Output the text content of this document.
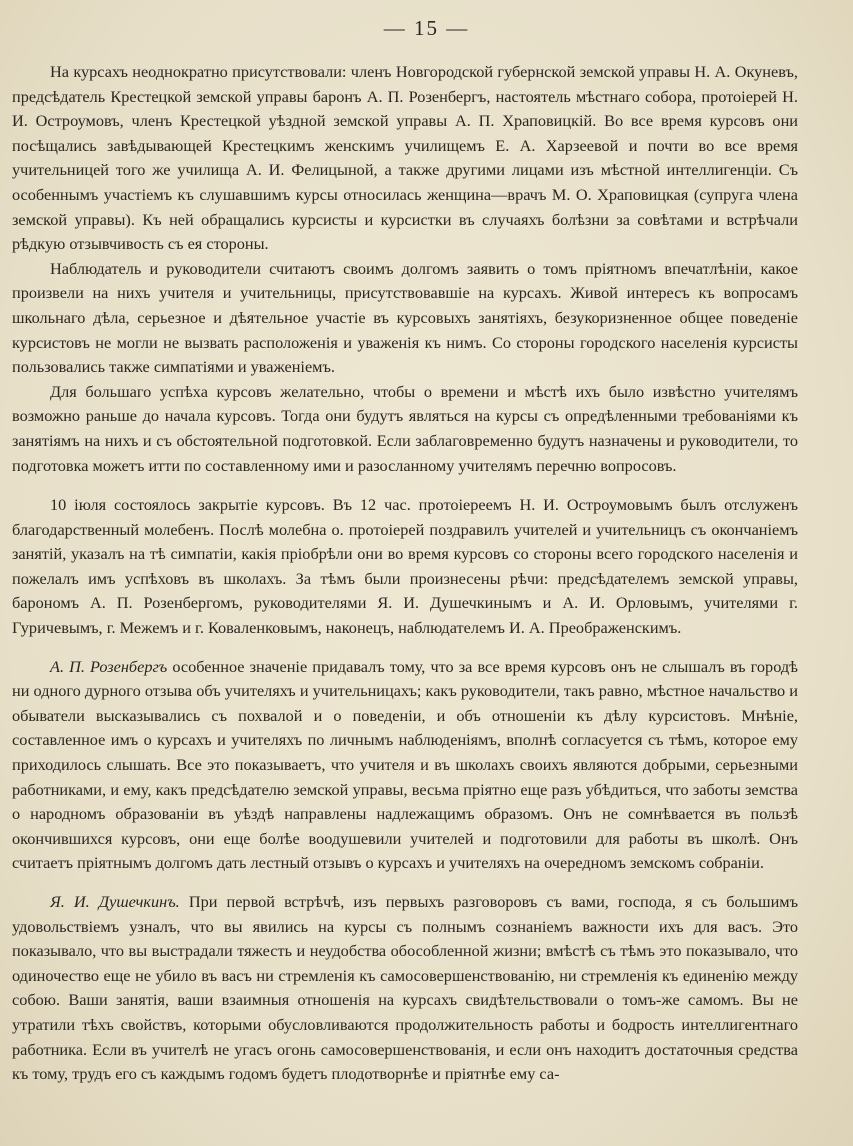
— 15 —

На курсахъ неоднократно присутствовали: членъ Новгородской губернской земской управы Н. А. Окуневъ, предсѣдатель Крестецкой земской управы баронъ А. П. Розенбергъ, настоятель мѣстнаго собора, протоіерей Н. И. Остроумовъ, членъ Крестецкой уѣздной земской управы А. П. Храповицкій. Во все время курсовъ они посѣщались завѣдывающей Крестецкимъ женскимъ училищемъ Е. А. Харзеевой и почти во все время учительницей того же училища А. И. Фелицыной, а также другими лицами изъ мѣстной интеллигенціи. Съ особеннымъ участіемъ къ слушавшимъ курсы относилась женщина—врачъ М. О. Храповицкая (супруга члена земской управы). Къ ней обращались курсисты и курсистки въ случаяхъ болѣзни за совѣтами и встрѣчали рѣдкую отзывчивость съ ея стороны.

Наблюдатель и руководители считаютъ своимъ долгомъ заявить о томъ пріятномъ впечатлѣніи, какое произвели на нихъ учителя и учительницы, присутствовавшіе на курсахъ. Живой интересъ къ вопросамъ школьнаго дѣла, серьезное и дѣятельное участіе въ курсовыхъ занятіяхъ, безукоризненное общее поведеніе курсистовъ не могли не вызвать расположенія и уваженія къ нимъ. Со стороны городского населенія курсисты пользовались также симпатіями и уваженіемъ.

Для большаго успѣха курсовъ желательно, чтобы о времени и мѣстѣ ихъ было извѣстно учителямъ возможно раньше до начала курсовъ. Тогда они будутъ являться на курсы съ опредѣленными требованіями къ занятіямъ на нихъ и съ обстоятельной подготовкой. Если заблаговременно будутъ назначены и руководители, то подготовка можетъ итти по составленному ими и разосланному учителямъ перечню вопросовъ.

10 іюля состоялось закрытіе курсовъ. Въ 12 час. протоіереемъ Н. И. Остроумовымъ былъ отслуженъ благодарственный молебенъ. Послѣ молебна о. протоіерей поздравилъ учителей и учительницъ съ окончаніемъ занятій, указалъ на тѣ симпатіи, какія пріобрѣли они во время курсовъ со стороны всего городского населенія и пожелалъ имъ успѣховъ въ школахъ. За тѣмъ были произнесены рѣчи: предсѣдателемъ земской управы, барономъ А. П. Розенбергомъ, руководителями Я. И. Душечкинымъ и А. И. Орловымъ, учителями г. Гуричевымъ, г. Межемъ и г. Коваленковымъ, наконецъ, наблюдателемъ И. А. Преображенскимъ.

А. П. Розенбергъ особенное значеніе придавалъ тому, что за все время курсовъ онъ не слышалъ въ городѣ ни одного дурного отзыва объ учителяхъ и учительницахъ; какъ руководители, такъ равно, мѣстное начальство и обыватели высказывались съ похвалой и о поведеніи, и объ отношеніи къ дѣлу курсистовъ. Мнѣніе, составленное имъ о курсахъ и учителяхъ по личнымъ наблюденіямъ, вполнѣ согласуется съ тѣмъ, которое ему приходилось слышать. Все это показываетъ, что учителя и въ школахъ своихъ являются добрыми, серьезными работниками, и ему, какъ предсѣдателю земской управы, весьма пріятно еще разъ убѣдиться, что заботы земства о народномъ образованіи въ уѣздѣ направлены надлежащимъ образомъ. Онъ не сомнѣвается въ пользѣ окончившихся курсовъ, они еще болѣе воодушевили учителей и подготовили для работы въ школѣ. Онъ считаетъ пріятнымъ долгомъ дать лестный отзывъ о курсахъ и учителяхъ на очередномъ земскомъ собраніи.

Я. И. Душечкинъ. При первой встрѣчѣ, изъ первыхъ разговоровъ съ вами, господа, я съ большимъ удовольствіемъ узналъ, что вы явились на курсы съ полнымъ сознаніемъ важности ихъ для васъ. Это показывало, что вы выстрадали тяжесть и неудобства обособленной жизни; вмѣстѣ съ тѣмъ это показывало, что одиночество еще не убило въ васъ ни стремленія къ самосовершенствованію, ни стремленія къ единенію между собою. Ваши занятія, ваши взаимныя отношенія на курсахъ свидѣтельствовали о томъ-же самомъ. Вы не утратили тѣхъ свойствъ, которыми обусловливаются продолжительность работы и бодрость интеллигентнаго работника. Если въ учителѣ не угасъ огонь самосовершенствованія, и если онъ находитъ достаточныя средства къ тому, трудъ его съ каждымъ годомъ будетъ плодотворнѣе и пріятнѣе ему са-
